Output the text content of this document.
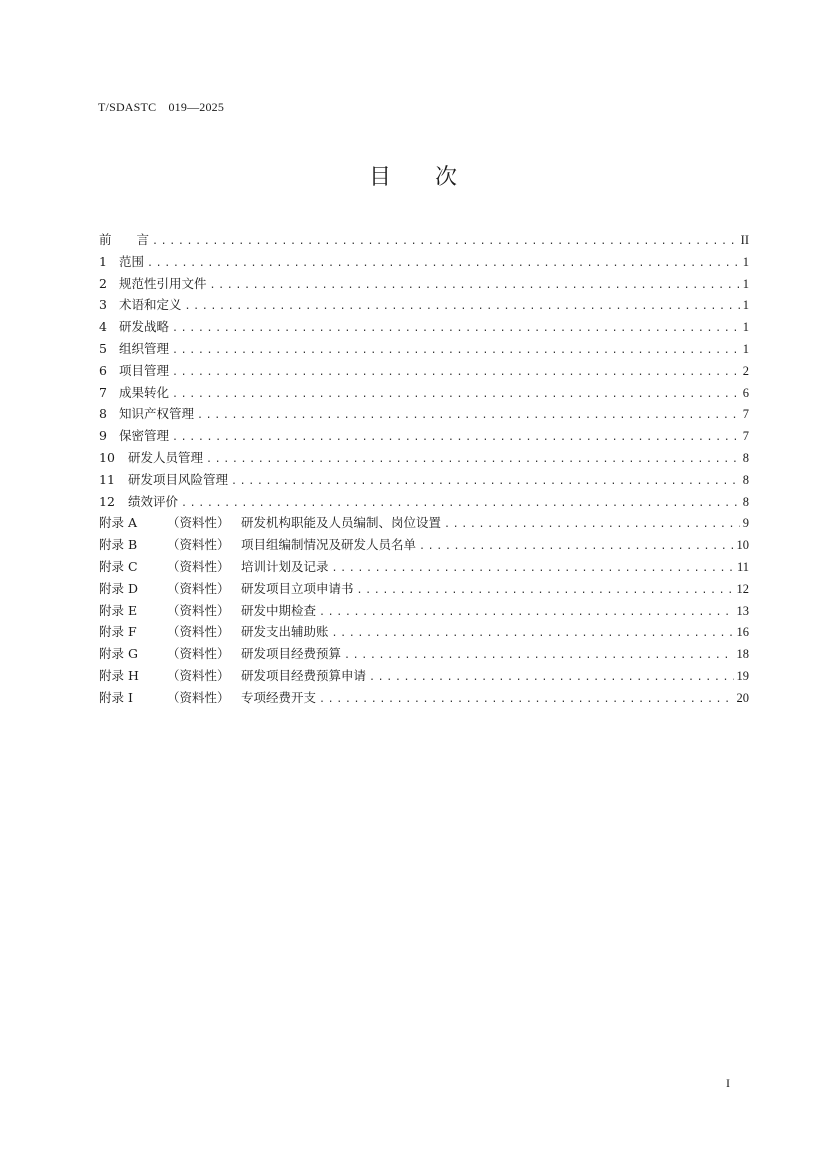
T/SDASTC　019—2025
目次
前　　言 .....	II
1 范围 .....	1
2 规范性引用文件 .....	1
3 术语和定义 .....	1
4 研发战略 .....	1
5 组织管理 .....	1
6 项目管理 .....	2
7 成果转化 .....	6
8 知识产权管理 .....	7
9 保密管理 .....	7
10	研发人员管理 .....	8
11	研发项目风险管理 .....	8
12	绩效评价 .....	8
附录 A	（资料性） 研发机构职能及人员编制、岗位设置 .....	9
附录 B	（资料性） 项目组编制情况及研发人员名单 .....	10
附录 C	（资料性） 培训计划及记录 .....	11
附录 D	（资料性） 研发项目立项申请书 .....	12
附录 E	（资料性） 研发中期检查 .....	13
附录 F	（资料性） 研发支出辅助账 .....	16
附录 G	（资料性） 研发项目经费预算 .....	18
附录 H	（资料性） 研发项目经费预算申请 .....	19
附录 I	（资料性） 专项经费开支 .....	20
I
